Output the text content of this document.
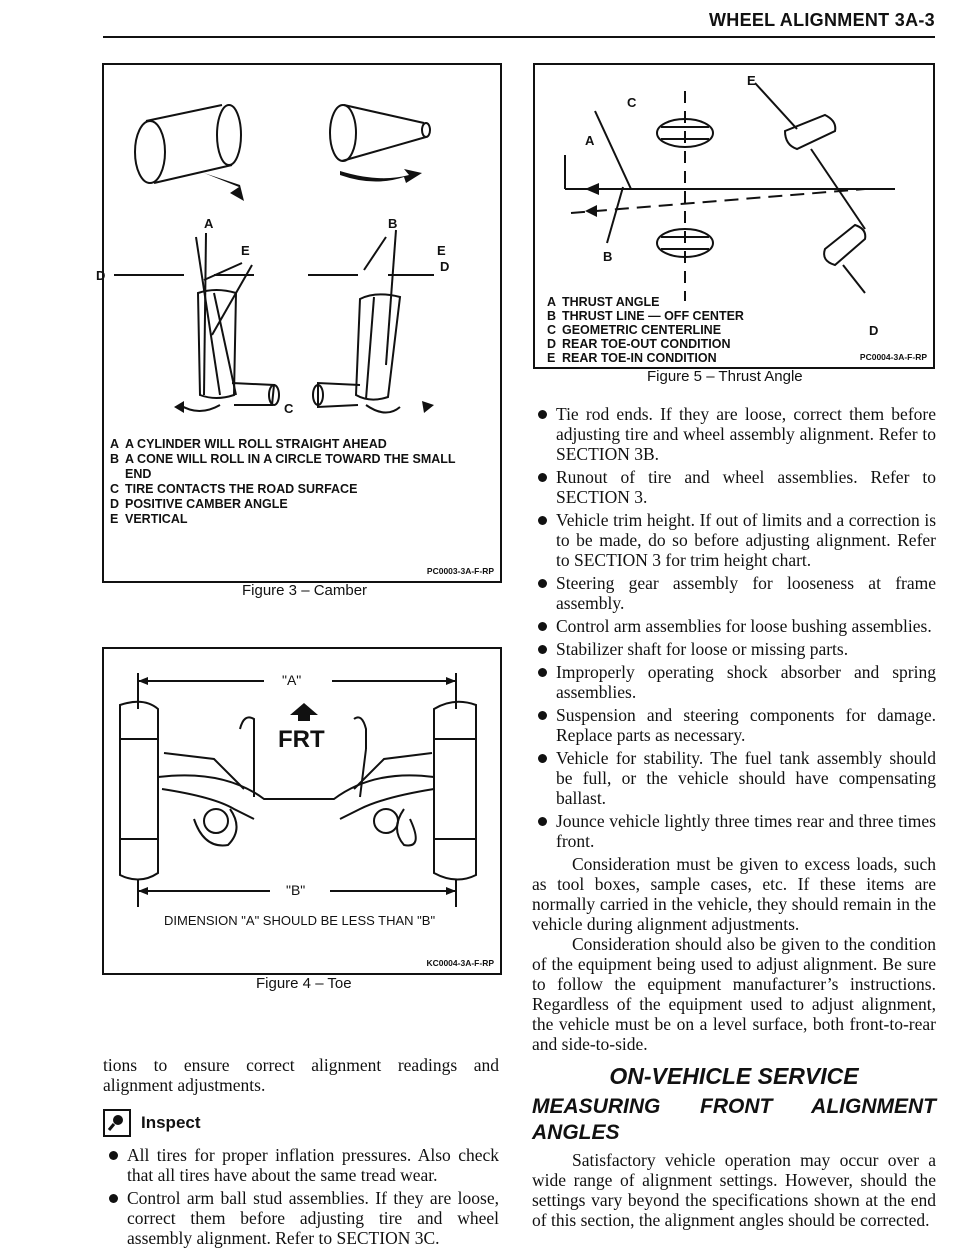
WHEEL ALIGNMENT 3A-3
A	B
E	E
D
D
C
A A CYLINDER WILL ROLL STRAIGHT AHEAD
B A CONE WILL ROLL IN A CIRCLE TOWARD THE SMALL END
C TIRE CONTACTS THE ROAD SURFACE
D POSITIVE CAMBER ANGLE
E VERTICAL
PC0003-3A-F-RP
Figure 3 – Camber
"A"
FRT
"B"
DIMENSION "A" SHOULD BE LESS THAN "B"
KC0004-3A-F-RP
Figure 4 – Toe

tions to ensure correct alignment readings and alignment adjustments.

Inspect
All tires for proper inflation pressures. Also check that all tires have about the same tread wear.
Control arm ball stud assemblies. If they are loose, correct them before adjusting tire and wheel assembly alignment. Refer to SECTION 3C.
E
C
A
B
D
A THRUST ANGLE
B THRUST LINE — OFF CENTER
C GEOMETRIC CENTERLINE
D REAR TOE-OUT CONDITION
E REAR TOE-IN CONDITION	PC0004-3A-F-RP
Figure 5 – Thrust Angle
Tie rod ends. If they are loose, correct them before adjusting tire and wheel assembly alignment. Refer to SECTION 3B.
Runout of tire and wheel assemblies. Refer to SECTION 3.
Vehicle trim height. If out of limits and a correction is to be made, do so before adjusting alignment. Refer to SECTION 3 for trim height chart.
Steering gear assembly for looseness at frame assembly.
Control arm assemblies for loose bushing assemblies.
Stabilizer shaft for loose or missing parts.
Improperly operating shock absorber and spring assemblies.
Suspension and steering components for damage. Replace parts as necessary.
Vehicle for stability. The fuel tank assembly should be full, or the vehicle should have compensating ballast.
Jounce vehicle lightly three times rear and three times front.

Consideration must be given to excess loads, such as tool boxes, sample cases, etc. If these items are normally carried in the vehicle, they should remain in the vehicle during alignment adjustments.

Consideration should also be given to the condition of the equipment being used to adjust alignment. Be sure to follow the equipment manufacturer’s instructions. Regardless of the equipment used to adjust alignment, the vehicle must be on a level surface, both front-to-rear and side-to-side.

ON-VEHICLE SERVICE
MEASURING FRONT ALIGNMENT ANGLES

Satisfactory vehicle operation may occur over a wide range of alignment settings. However, should the settings vary beyond the specifications shown at the end of this section, the alignment angles should be corrected.
